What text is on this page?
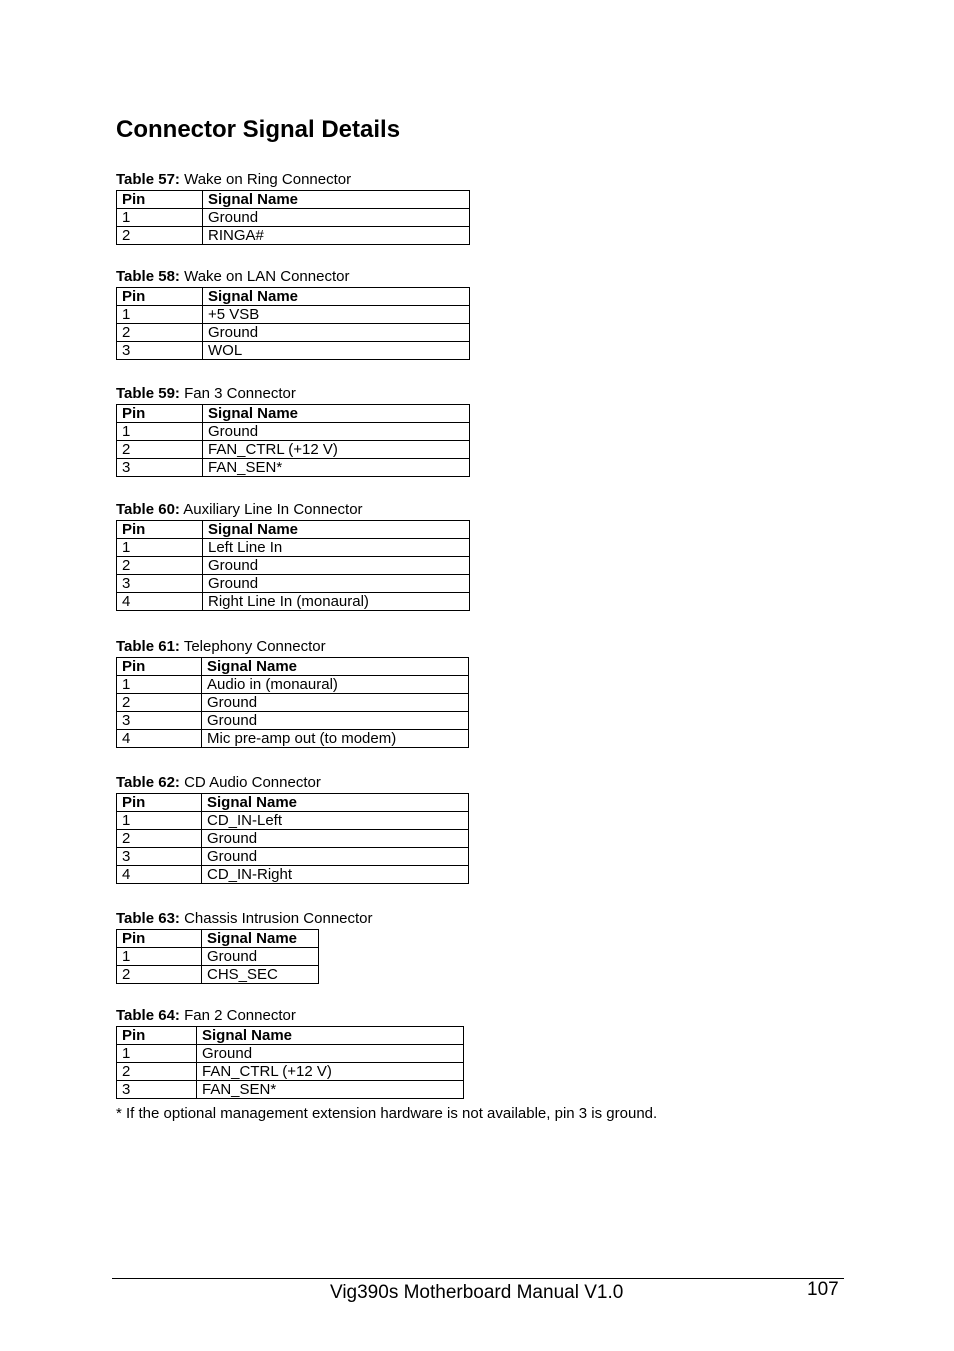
Connector Signal Details
Table 57: Wake on Ring Connector
Pin	Signal Name
1	Ground
2	RINGA#
Table 58: Wake on LAN Connector
Pin	Signal Name
1	+5 VSB
2	Ground
3	WOL
Table 59: Fan 3 Connector
Pin	Signal Name
1	Ground
2	FAN_CTRL (+12 V)
3	FAN_SEN*
Table 60: Auxiliary Line In Connector
Pin	Signal Name
1	Left Line In
2	Ground
3	Ground
4	Right Line In (monaural)
Table 61: Telephony Connector
Pin	Signal Name
1	Audio in (monaural)
2	Ground
3	Ground
4	Mic pre-amp out (to modem)
Table 62: CD Audio Connector
Pin	Signal Name
1	CD_IN-Left
2	Ground
3	Ground
4	CD_IN-Right
Table 63: Chassis Intrusion Connector
Pin	Signal Name
1	Ground
2	CHS_SEC
Table 64: Fan 2 Connector
Pin	Signal Name
1	Ground
2	FAN_CTRL (+12 V)
3	FAN_SEN*
* If the optional management extension hardware is not available, pin 3 is ground.
Vig390s Motherboard Manual V1.0	107
